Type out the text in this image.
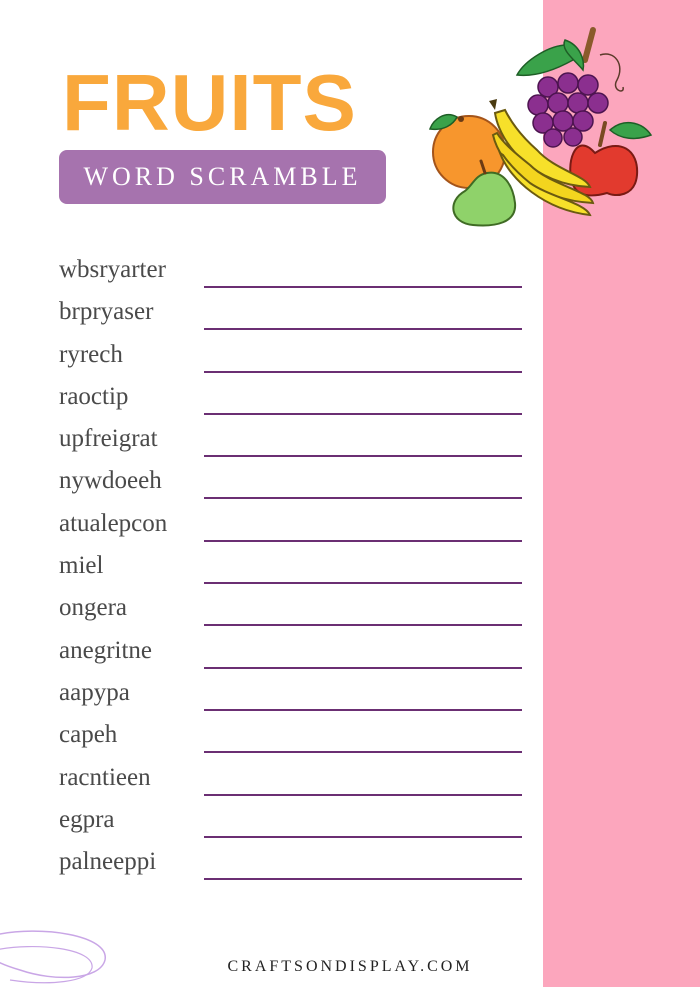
FRUITS
WORD SCRAMBLE
wbsryarter
brpryaser
ryrech
raoctip
upfreigrat
nywdoeeh
atualepcon
miel
ongera
anegritne
aapypa
capeh
racntieen
egpra
palneeppi
CRAFTSONDISPLAY.COM
